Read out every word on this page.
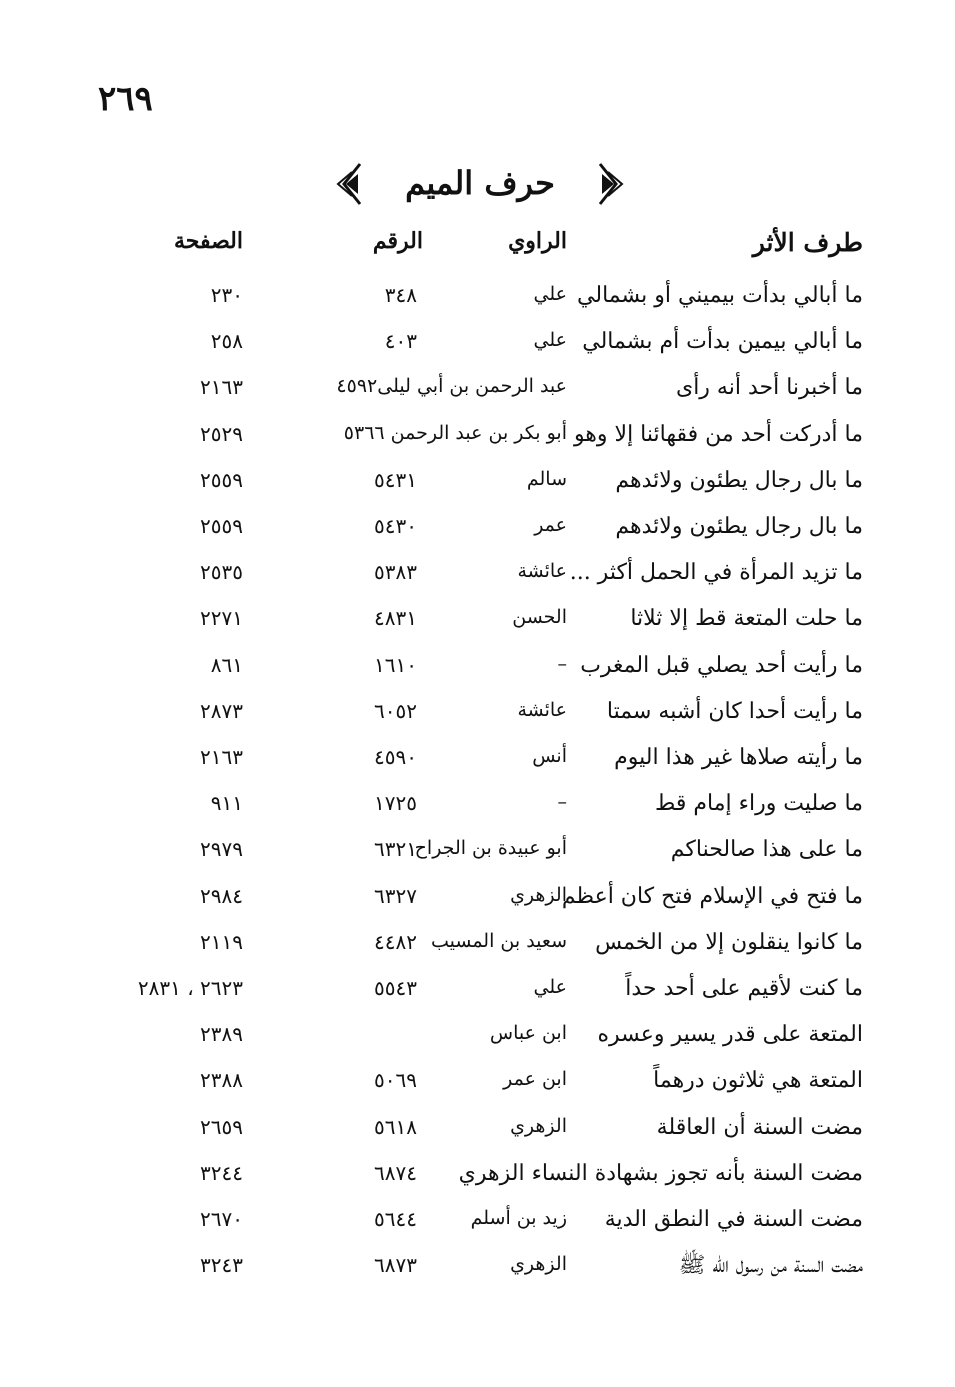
٢٦٩
حرف الميم
طرف الأثر
الراوي
الرقم
الصفحة
ما أبالي بدأت بيميني أو بشمالي
علي
٣٤٨
٢٣٠
ما أبالي بيمين بدأت أم بشمالي
علي
٤٠٣
٢٥٨
ما أخبرنا أحد أنه رأى
عبد الرحمن بن أبي ليلى٤٥٩٢
٢١٦٣
ما أدركت أحد من فقهائنا إلا وهو
أبو بكر بن عبد الرحمن ٥٣٦٦
٢٥٢٩
ما بال رجال يطئون ولائدهم
سالم
٥٤٣١
٢٥٥٩
ما بال رجال يطئون ولائدهم
عمر
٥٤٣٠
٢٥٥٩
ما تزيد المرأة في الحمل أكثر ...
عائشة
٥٣٨٣
٢٥٣٥
ما حلت المتعة قط إلا ثلاثا
الحسن
٤٨٣١
٢٢٧١
ما رأيت أحد يصلي قبل المغرب
–
١٦١٠
٨٦١
ما رأيت أحدا كان أشبه سمتا
عائشة
٦٠٥٢
٢٨٧٣
ما رأيته صلاها غير هذا اليوم
أنس
٤٥٩٠
٢١٦٣
ما صليت وراء إمام قط
–
١٧٢٥
٩١١
ما على هذا صالحناكم
أبو عبيدة بن الجراح
٦٣٢١
٢٩٧٩
ما فتح في الإسلام فتح كان أعظم
الزهري
٦٣٢٧
٢٩٨٤
ما كانوا ينقلون إلا من الخمس
سعيد بن المسيب
٤٤٨٢
٢١١٩
ما كنت لأقيم على أحد حداً
علي
٥٥٤٣
٢٦٢٣ ، ٢٨٣١
المتعة على قدر يسير وعسره
ابن عباس
٢٣٨٩
المتعة هي ثلاثون درهماً
ابن عمر
٥٠٦٩
٢٣٨٨
مضت السنة أن العاقلة
الزهري
٥٦١٨
٢٦٥٩
مضت السنة بأنه تجوز بشهادة النساء الزهري
٦٨٧٤
٣٢٤٤
مضت السنة في النطق الدية
زيد بن أسلم
٥٦٤٤
٢٦٧٠
مضت السنة من رسول الله ﷺ
الزهري
٦٨٧٣
٣٢٤٣
